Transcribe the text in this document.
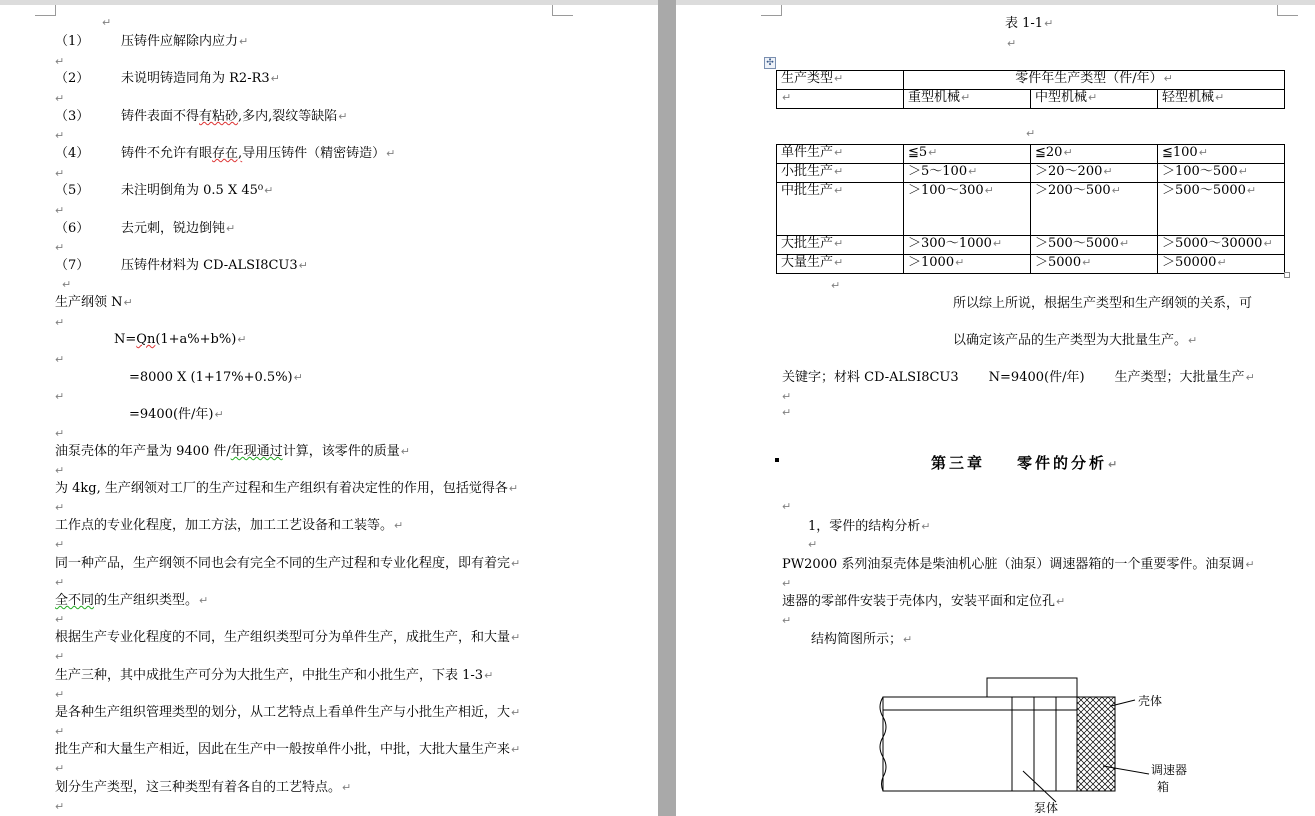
↵
（1） 压铸件应解除内应力↵
↵
（2） 未说明铸造同角为 R2-R3↵
↵
（3） 铸件表面不得有粘砂,多内,裂纹等缺陷↵
↵
（4） 铸件不允许有眼存在,导用压铸件（精密铸造）↵
↵
（5） 未注明倒角为 0.5 X 45⁰↵
↵
（6） 去元刺，锐边倒钝↵
↵
（7） 压铸件材料为 CD-ALSI8CU3↵
↵
生产纲领 N↵
↵
N=Qn(1+a%+b%)↵
↵
=8000 X (1+17%+0.5%)↵
↵
=9400(件/年)↵
↵
油泵壳体的年产量为 9400 件/年现通过计算，该零件的质量↵
↵
为 4kg, 生产纲领对工厂的生产过程和生产组织有着决定性的作用，包括觉得各↵
↵
工作点的专业化程度，加工方法，加工工艺设备和工装等。↵
↵
同一种产品，生产纲领不同也会有完全不同的生产过程和专业化程度，即有着完↵
↵
全不同的生产组织类型。↵
↵
根据生产专业化程度的不同，生产组织类型可分为单件生产，成批生产，和大量↵
↵
生产三种，其中成批生产可分为大批生产，中批生产和小批生产，下表 1-3↵
↵
是各种生产组织管理类型的划分，从工艺特点上看单件生产与小批生产相近，大↵
↵
批生产和大量生产相近，因此在生产中一般按单件小批，中批，大批大量生产来↵
↵
划分生产类型，这三种类型有着各自的工艺特点。↵
↵
表 1-1↵
↵
✣
生产类型↵	零件年生产类型（件/年）↵		
↵	重型机械↵	中型机械↵	轻型机械↵
↵
单件生产↵	≦5↵	≦20↵	≦100↵
小批生产↵	＞5～100↵	＞20～200↵	＞100～500↵
中批生产↵	＞100～300↵	＞200～500↵	＞500～5000↵
大批生产↵	＞300～1000↵	＞500～5000↵	＞5000～30000↵
大量生产↵	＞1000↵	＞5000↵	＞50000↵
↵
所以综上所说，根据生产类型和生产纲领的关系，可
以确定该产品的生产类型为大批量生产。↵
关键字；材料 CD-ALSI8CU3 N=9400(件/年) 生产类型；大批量生产↵
↵
↵
第三章 零件的分析↵
↵
1，零件的结构分析↵
↵
PW2000 系列油泵壳体是柴油机心脏（油泵）调速器箱的一个重要零件。油泵调↵
↵
速器的零部件安装于壳体内，安装平面和定位孔↵
↵
结构简图所示；↵
壳体
调速器
箱
泵体
